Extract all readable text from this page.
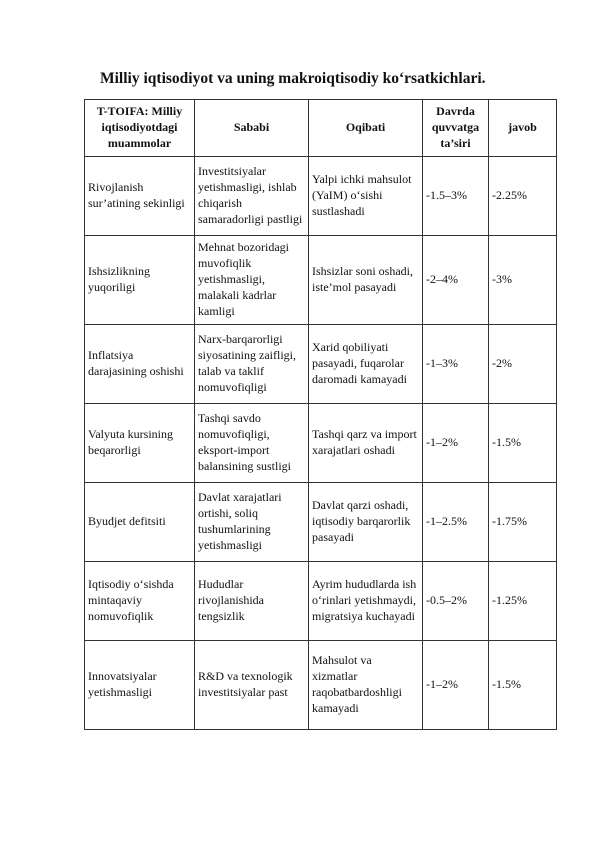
Milliy iqtisodiyot va uning makroiqtisodiy koʻrsatkichlari.
T-TOIFA: Milliy iqtisodiyotdagi muammolar	Sababi	Oqibati	Davrda quvvatga ta’siri	javob
Rivojlanish sur’atining sekinligi	Investitsiyalar yetishmasligi, ishlab chiqarish samaradorligi pastligi	Yalpi ichki mahsulot (YaIM) oʻsishi sustlashadi	-1.5–3%	-2.25%
Ishsizlikning yuqoriligi	Mehnat bozoridagi muvofiqlik yetishmasligi, malakali kadrlar kamligi	Ishsizlar soni oshadi, iste’mol pasayadi	-2–4%	-3%
Inflatsiya darajasining oshishi	Narx-barqarorligi siyosatining zaifligi, talab va taklif nomuvofiqligi	Xarid qobiliyati pasayadi, fuqarolar daromadi kamayadi	-1–3%	-2%
Valyuta kursining beqarorligi	Tashqi savdo nomuvofiqligi, eksport-import balansining sustligi	Tashqi qarz va import xarajatlari oshadi	-1–2%	-1.5%
Byudjet defitsiti	Davlat xarajatlari ortishi, soliq tushumlarining yetishmasligi	Davlat qarzi oshadi, iqtisodiy barqarorlik pasayadi	-1–2.5%	-1.75%
Iqtisodiy oʻsishda mintaqaviy nomuvofiqlik	Hududlar rivojlanishida tengsizlik	Ayrim hududlarda ish oʻrinlari yetishmaydi, migratsiya kuchayadi	-0.5–2%	-1.25%
Innovatsiyalar yetishmasligi	R&D va texnologik investitsiyalar past	Mahsulot va xizmatlar raqobatbardoshligi kamayadi	-1–2%	-1.5%
